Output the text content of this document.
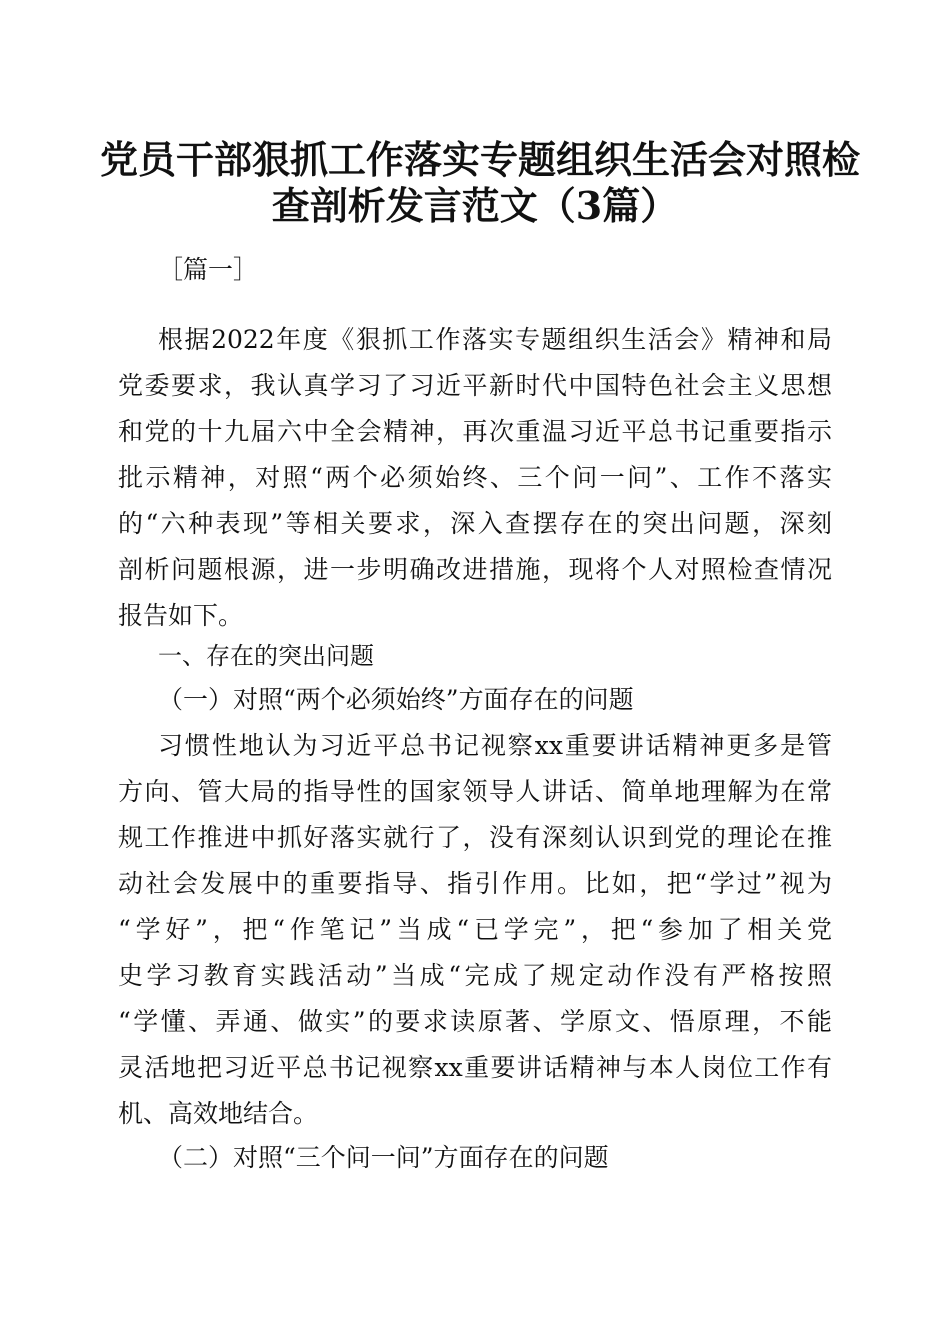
党员干部狠抓工作落实专题组织生活会对照检
查剖析发言范文（3篇）
［篇一］
根据2022年度《狠抓工作落实专题组织生活会》精神和局
党委要求，我认真学习了习近平新时代中国特色社会主义思想
和党的十九届六中全会精神，再次重温习近平总书记重要指示
批示精神，对照“两个必须始终、三个问一问”、工作不落实
的“六种表现”等相关要求，深入查摆存在的突出问题，深刻
剖析问题根源，进一步明确改进措施，现将个人对照检查情况
报告如下。
一、存在的突出问题
（一）对照“两个必须始终”方面存在的问题
习惯性地认为习近平总书记视察xx重要讲话精神更多是管
方向、管大局的指导性的国家领导人讲话、简单地理解为在常
规工作推进中抓好落实就行了，没有深刻认识到党的理论在推
动社会发展中的重要指导、指引作用。比如，把“学过”视为
“学好”，把“作笔记”当成“已学完”，把“参加了相关党
史学习教育实践活动”当成“完成了规定动作没有严格按照
“学懂、弄通、做实”的要求读原著、学原文、悟原理，不能
灵活地把习近平总书记视察xx重要讲话精神与本人岗位工作有
机、高效地结合。
（二）对照“三个问一问”方面存在的问题
